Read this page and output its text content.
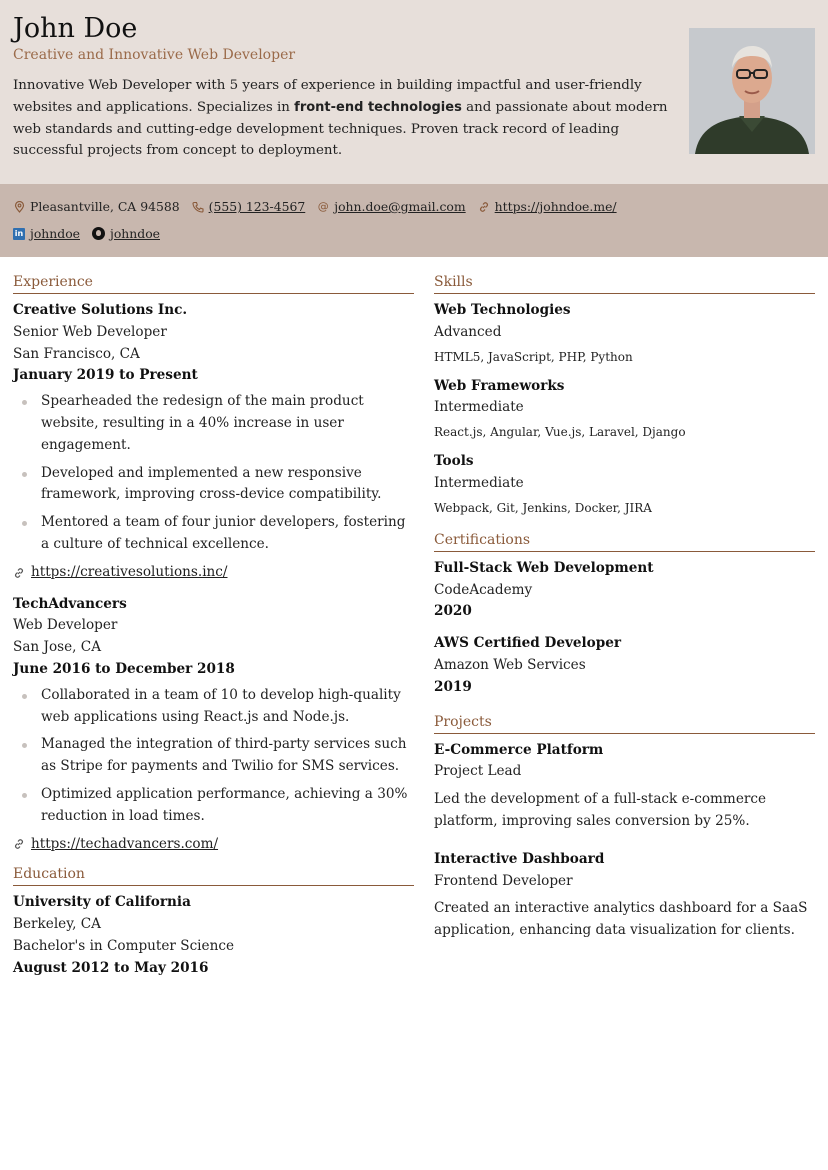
John Doe
Creative and Innovative Web Developer
Innovative Web Developer with 5 years of experience in building impactful and user-friendly websites and applications. Specializes in front-end technologies and passionate about modern web standards and cutting-edge development techniques. Proven track record of leading successful projects from concept to deployment.
Pleasantville, CA 94588 (555) 123-4567 @ john.doe@gmail.com https://johndoe.me/
in johndoe johndoe
Experience
Creative Solutions Inc.
Senior Web Developer
San Francisco, CA
January 2019 to Present
Spearheaded the redesign of the main product website, resulting in a 40% increase in user engagement.
Developed and implemented a new responsive framework, improving cross-device compatibility.
Mentored a team of four junior developers, fostering a culture of technical excellence.
https://creativesolutions.inc/
TechAdvancers
Web Developer
San Jose, CA
June 2016 to December 2018
Collaborated in a team of 10 to develop high-quality web applications using React.js and Node.js.
Managed the integration of third-party services such as Stripe for payments and Twilio for SMS services.
Optimized application performance, achieving a 30% reduction in load times.
https://techadvancers.com/
Education
University of California
Berkeley, CA
Bachelor's in Computer Science
August 2012 to May 2016
Skills
Web Technologies
Advanced
HTML5, JavaScript, PHP, Python
Web Frameworks
Intermediate
React.js, Angular, Vue.js, Laravel, Django
Tools
Intermediate
Webpack, Git, Jenkins, Docker, JIRA
Certifications
Full-Stack Web Development
CodeAcademy
2020
AWS Certified Developer
Amazon Web Services
2019
Projects
E-Commerce Platform
Project Lead
Led the development of a full-stack e-commerce platform, improving sales conversion by 25%.
Interactive Dashboard
Frontend Developer
Created an interactive analytics dashboard for a SaaS application, enhancing data visualization for clients.
